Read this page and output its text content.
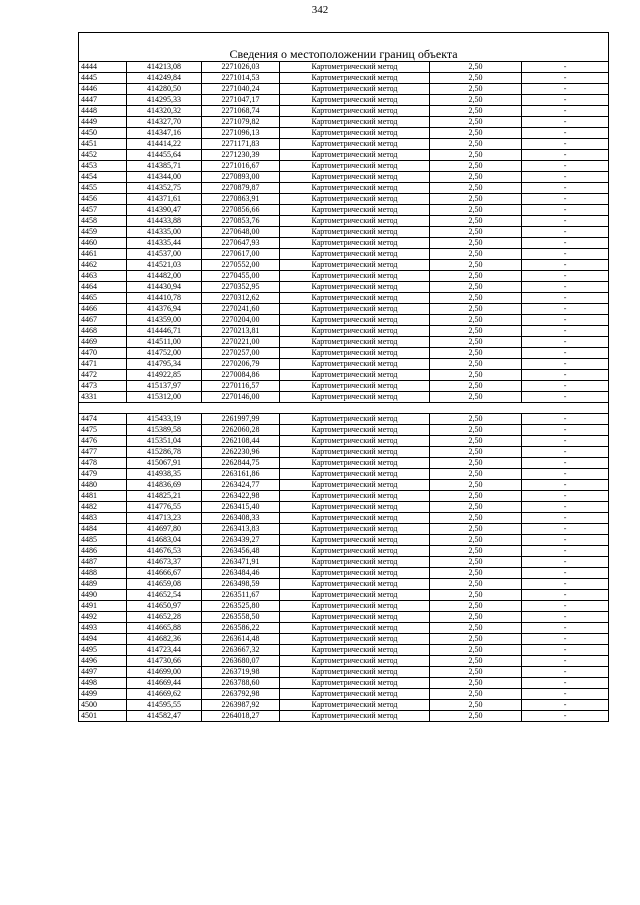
342
Сведения о местоположении границ объекта					
4444	414213,08	2271026,03	Картометрический метод	2,50	-
4445	414249,84	2271014,53	Картометрический метод	2,50	-
4446	414280,50	2271040,24	Картометрический метод	2,50	-
4447	414295,33	2271047,17	Картометрический метод	2,50	-
4448	414320,32	2271068,74	Картометрический метод	2,50	-
4449	414327,70	2271079,82	Картометрический метод	2,50	-
4450	414347,16	2271096,13	Картометрический метод	2,50	-
4451	414414,22	2271171,83	Картометрический метод	2,50	-
4452	414455,64	2271230,39	Картометрический метод	2,50	-
4453	414385,71	2271016,67	Картометрический метод	2,50	-
4454	414344,00	2270893,00	Картометрический метод	2,50	-
4455	414352,75	2270879,87	Картометрический метод	2,50	-
4456	414371,61	2270863,91	Картометрический метод	2,50	-
4457	414390,47	2270856,66	Картометрический метод	2,50	-
4458	414433,88	2270853,76	Картометрический метод	2,50	-
4459	414335,00	2270648,00	Картометрический метод	2,50	-
4460	414335,44	2270647,93	Картометрический метод	2,50	-
4461	414537,00	2270617,00	Картометрический метод	2,50	-
4462	414521,03	2270552,00	Картометрический метод	2,50	-
4463	414482,00	2270455,00	Картометрический метод	2,50	-
4464	414430,94	2270352,95	Картометрический метод	2,50	-
4465	414410,78	2270312,62	Картометрический метод	2,50	-
4466	414376,94	2270241,60	Картометрический метод	2,50	-
4467	414359,00	2270204,00	Картометрический метод	2,50	-
4468	414446,71	2270213,81	Картометрический метод	2,50	-
4469	414511,00	2270221,00	Картометрический метод	2,50	-
4470	414752,00	2270257,00	Картометрический метод	2,50	-
4471	414795,34	2270206,79	Картометрический метод	2,50	-
4472	414922,85	2270084,86	Картометрический метод	2,50	-
4473	415137,97	2270116,57	Картометрический метод	2,50	-
4331	415312,00	2270146,00	Картометрический метод	2,50	-

4474	415433,19	2261997,99	Картометрический метод	2,50	-
4475	415389,58	2262060,28	Картометрический метод	2,50	-
4476	415351,04	2262108,44	Картометрический метод	2,50	-
4477	415286,78	2262230,96	Картометрический метод	2,50	-
4478	415067,91	2262844,75	Картометрический метод	2,50	-
4479	414938,35	2263161,86	Картометрический метод	2,50	-
4480	414836,69	2263424,77	Картометрический метод	2,50	-
4481	414825,21	2263422,98	Картометрический метод	2,50	-
4482	414776,55	2263415,40	Картометрический метод	2,50	-
4483	414713,23	2263408,33	Картометрический метод	2,50	-
4484	414697,80	2263413,83	Картометрический метод	2,50	-
4485	414683,04	2263439,27	Картометрический метод	2,50	-
4486	414676,53	2263456,48	Картометрический метод	2,50	-
4487	414673,37	2263471,91	Картометрический метод	2,50	-
4488	414666,67	2263484,46	Картометрический метод	2,50	-
4489	414659,08	2263498,59	Картометрический метод	2,50	-
4490	414652,54	2263511,67	Картометрический метод	2,50	-
4491	414650,97	2263525,80	Картометрический метод	2,50	-
4492	414652,28	2263558,50	Картометрический метод	2,50	-
4493	414665,88	2263586,22	Картометрический метод	2,50	-
4494	414682,36	2263614,48	Картометрический метод	2,50	-
4495	414723,44	2263667,32	Картометрический метод	2,50	-
4496	414730,66	2263680,07	Картометрический метод	2,50	-
4497	414699,00	2263719,98	Картометрический метод	2,50	-
4498	414669,44	2263788,60	Картометрический метод	2,50	-
4499	414669,62	2263792,98	Картометрический метод	2,50	-
4500	414595,55	2263987,92	Картометрический метод	2,50	-
4501	414582,47	2264018,27	Картометрический метод	2,50	-
